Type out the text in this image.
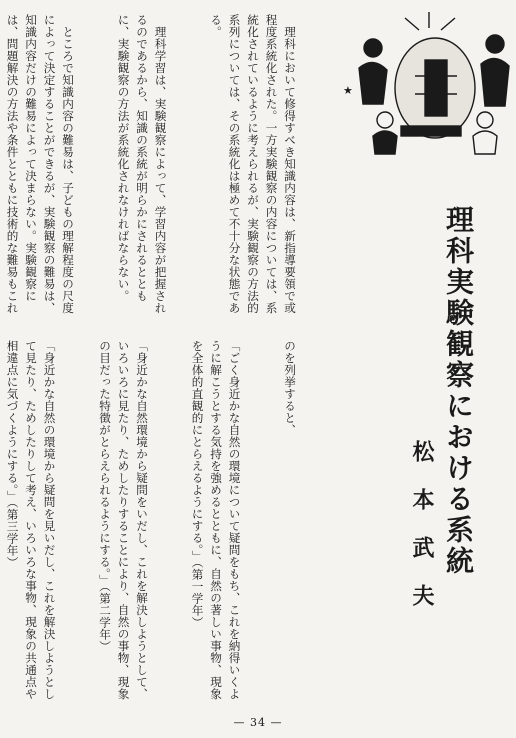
★

理科において修得すべき知識内容は、新指導要領で或程度系統化された。一方実験観察の内容については、系統化されているように考えられるが、実験観察の方法的系列については、その系統化は極めて不十分な状態である。

理科学習は、実験観察によって、学習内容が把握されるのであるから、知識の系統が明らかにされるとともに、実験観察の方法が系統化されなければならない。

ところで知識内容の難易は、子どもの理解程度の尺度によって決定することができるが、実験観察の難易は、知識内容だけの難易によって決まらない。実験観察には、問題解決の方法や条件とともに技術的な難易もこれ

	理科実験観察における系統
松本武夫

のを列挙すると、

「ごく身近かな自然の環境について疑問をもち、これを納得いくように解こうとする気持を強めるとともに、自然の著しい事物、現象を全体的直観的にとらえるようにする。」（第一学年）

「身近かな自然環境から疑問をいだし、これを解決しようとして、いろいろに見たり、ためしたりすることにより、自然の事物、現象の目だった特徴がとらえられるようにする。」（第二学年）

「身近かな自然の環境から疑問を見いだし、これを解決しようとして見たり、ためしたりして考え、いろいろな事物、現象の共通点や相違点に気づくようにする。」（第三学年）

— 34 —
